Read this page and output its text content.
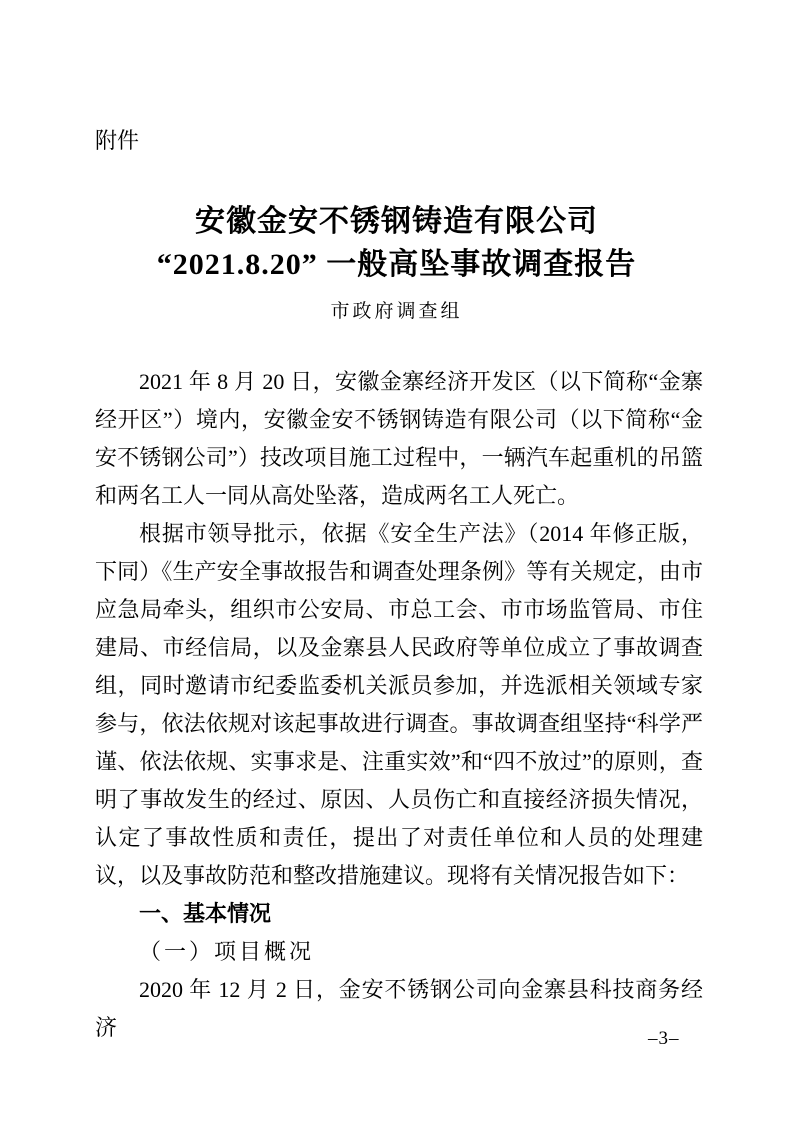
附件
安徽金安不锈钢铸造有限公司
“2021.8.20” 一般高坠事故调查报告
市政府调查组

2021 年 8 月 20 日，安徽金寨经济开发区（以下简称“金寨经开区”）境内，安徽金安不锈钢铸造有限公司（以下简称“金安不锈钢公司”）技改项目施工过程中，一辆汽车起重机的吊篮和两名工人一同从高处坠落，造成两名工人死亡。

根据市领导批示，依据《安全生产法》（2014 年修正版，下同）《生产安全事故报告和调查处理条例》等有关规定，由市应急局牵头，组织市公安局、市总工会、市市场监管局、市住建局、市经信局，以及金寨县人民政府等单位成立了事故调查组，同时邀请市纪委监委机关派员参加，并选派相关领域专家参与，依法依规对该起事故进行调查。事故调查组坚持“科学严谨、依法依规、实事求是、注重实效”和“四不放过”的原则，查明了事故发生的经过、原因、人员伤亡和直接经济损失情况，认定了事故性质和责任，提出了对责任单位和人员的处理建议，以及事故防范和整改措施建议。现将有关情况报告如下：

一、基本情况

（一）项目概况

2020 年 12 月 2 日，金安不锈钢公司向金寨县科技商务经济	–3–
